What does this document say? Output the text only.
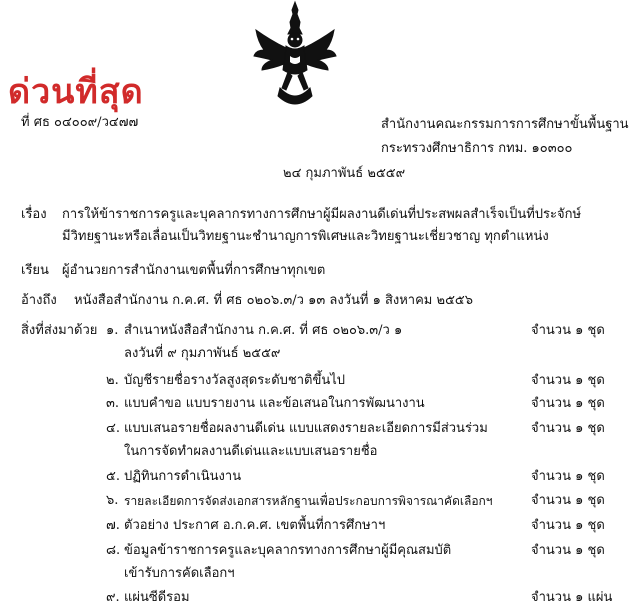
ด่วนที่สุด
ที่ ศธ ๐๔๐๐๙/ว๔๗๗	สำนักงานคณะกรรมการการศึกษาขั้นพื้นฐาน
กระทรวงศึกษาธิการ กทม. ๑๐๓๐๐
๒๔ กุมภาพันธ์ ๒๕๕๙
เรื่อง การให้ข้าราชการครูและบุคลากรทางการศึกษาผู้มีผลงานดีเด่นที่ประสพผลสำเร็จเป็นที่ประจักษ์
มีวิทยฐานะหรือเลื่อนเป็นวิทยฐานะชำนาญการพิเศษและวิทยฐานะเชี่ยวชาญ ทุกตำแหน่ง
เรียน ผู้อำนวยการสำนักงานเขตพื้นที่การศึกษาทุกเขต
อ้างถึง หนังสือสำนักงาน ก.ค.ศ. ที่ ศธ ๐๒๐๖.๓/ว ๑๓ ลงวันที่ ๑ สิงหาคม ๒๕๕๖
สิ่งที่ส่งมาด้วย ๑. สำเนาหนังสือสำนักงาน ก.ค.ศ. ที่ ศธ ๐๒๐๖.๓/ว ๑
ลงวันที่ ๙ กุมภาพันธ์ ๒๕๕๙
จำนวน ๑ ชุด
๒. บัญชีรายชื่อรางวัลสูงสุดระดับชาติขึ้นไป	จำนวน ๑ ชุด
๓. แบบคำขอ แบบรายงาน และข้อเสนอในการพัฒนางาน	จำนวน ๑ ชุด
๔. แบบเสนอรายชื่อผลงานดีเด่น แบบแสดงรายละเอียดการมีส่วนร่วม
ในการจัดทำผลงานดีเด่นและแบบเสนอรายชื่อ
จำนวน ๑ ชุด
๕. ปฏิทินการดำเนินงาน	จำนวน ๑ ชุด
๖. รายละเอียดการจัดส่งเอกสารหลักฐานเพื่อประกอบการพิจารณาคัดเลือกฯ	จำนวน ๑ ชุด
๗. ตัวอย่าง ประกาศ อ.ก.ค.ศ. เขตพื้นที่การศึกษาฯ	จำนวน ๑ ชุด
๘. ข้อมูลข้าราชการครูและบุคลากรทางการศึกษาผู้มีคุณสมบัติ
เข้ารับการคัดเลือกฯ
จำนวน ๑ ชุด
๙. แผ่นซีดีรอม	จำนวน ๑ แผ่น
